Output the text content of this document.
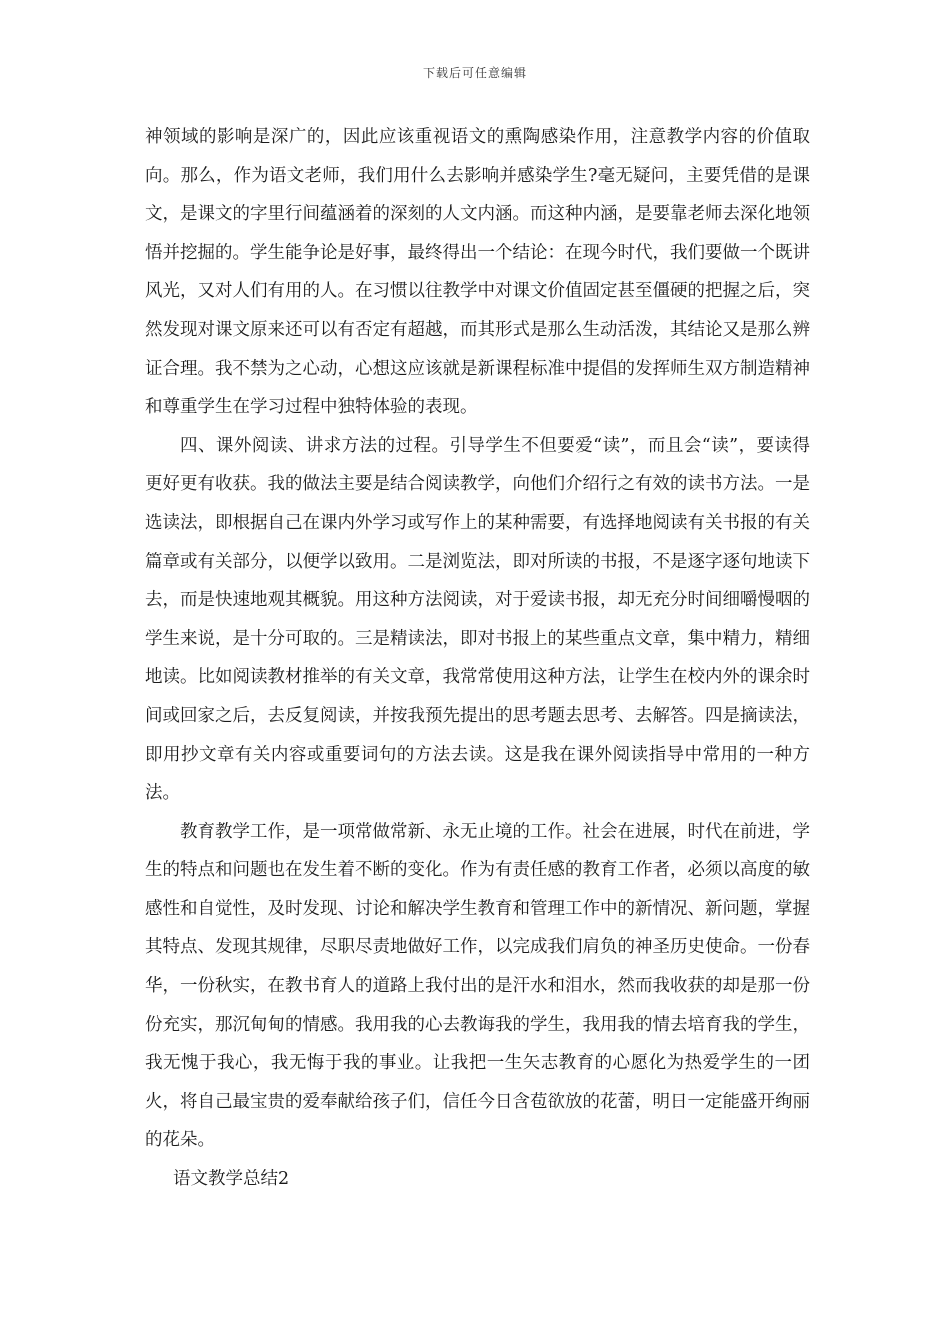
下载后可任意编辑

神领域的影响是深广的，因此应该重视语文的熏陶感染作用，注意教学内容的价值取向。那么，作为语文老师，我们用什么去影响并感染学生?毫无疑问，主要凭借的是课文，是课文的字里行间蕴涵着的深刻的人文内涵。而这种内涵，是要靠老师去深化地领悟并挖掘的。学生能争论是好事，最终得出一个结论：在现今时代，我们要做一个既讲风光，又对人们有用的人。在习惯以往教学中对课文价值固定甚至僵硬的把握之后，突然发现对课文原来还可以有否定有超越，而其形式是那么生动活泼，其结论又是那么辨证合理。我不禁为之心动，心想这应该就是新课程标准中提倡的发挥师生双方制造精神和尊重学生在学习过程中独特体验的表现。

四、课外阅读、讲求方法的过程。引导学生不但要爱“读”，而且会“读”，要读得更好更有收获。我的做法主要是结合阅读教学，向他们介绍行之有效的读书方法。一是选读法，即根据自己在课内外学习或写作上的某种需要，有选择地阅读有关书报的有关篇章或有关部分，以便学以致用。二是浏览法，即对所读的书报，不是逐字逐句地读下去，而是快速地观其概貌。用这种方法阅读，对于爱读书报，却无充分时间细嚼慢咽的学生来说，是十分可取的。三是精读法，即对书报上的某些重点文章，集中精力，精细地读。比如阅读教材推举的有关文章，我常常使用这种方法，让学生在校内外的课余时间或回家之后，去反复阅读，并按我预先提出的思考题去思考、去解答。四是摘读法，即用抄文章有关内容或重要词句的方法去读。这是我在课外阅读指导中常用的一种方法。

教育教学工作，是一项常做常新、永无止境的工作。社会在进展，时代在前进，学生的特点和问题也在发生着不断的变化。作为有责任感的教育工作者，必须以高度的敏感性和自觉性，及时发现、讨论和解决学生教育和管理工作中的新情况、新问题，掌握其特点、发现其规律，尽职尽责地做好工作，以完成我们肩负的神圣历史使命。一份春华，一份秋实，在教书育人的道路上我付出的是汗水和泪水，然而我收获的却是那一份份充实，那沉甸甸的情感。我用我的心去教诲我的学生，我用我的情去培育我的学生，我无愧于我心，我无悔于我的事业。让我把一生矢志教育的心愿化为热爱学生的一团火，将自己最宝贵的爱奉献给孩子们，信任今日含苞欲放的花蕾，明日一定能盛开绚丽的花朵。

语文教学总结2
